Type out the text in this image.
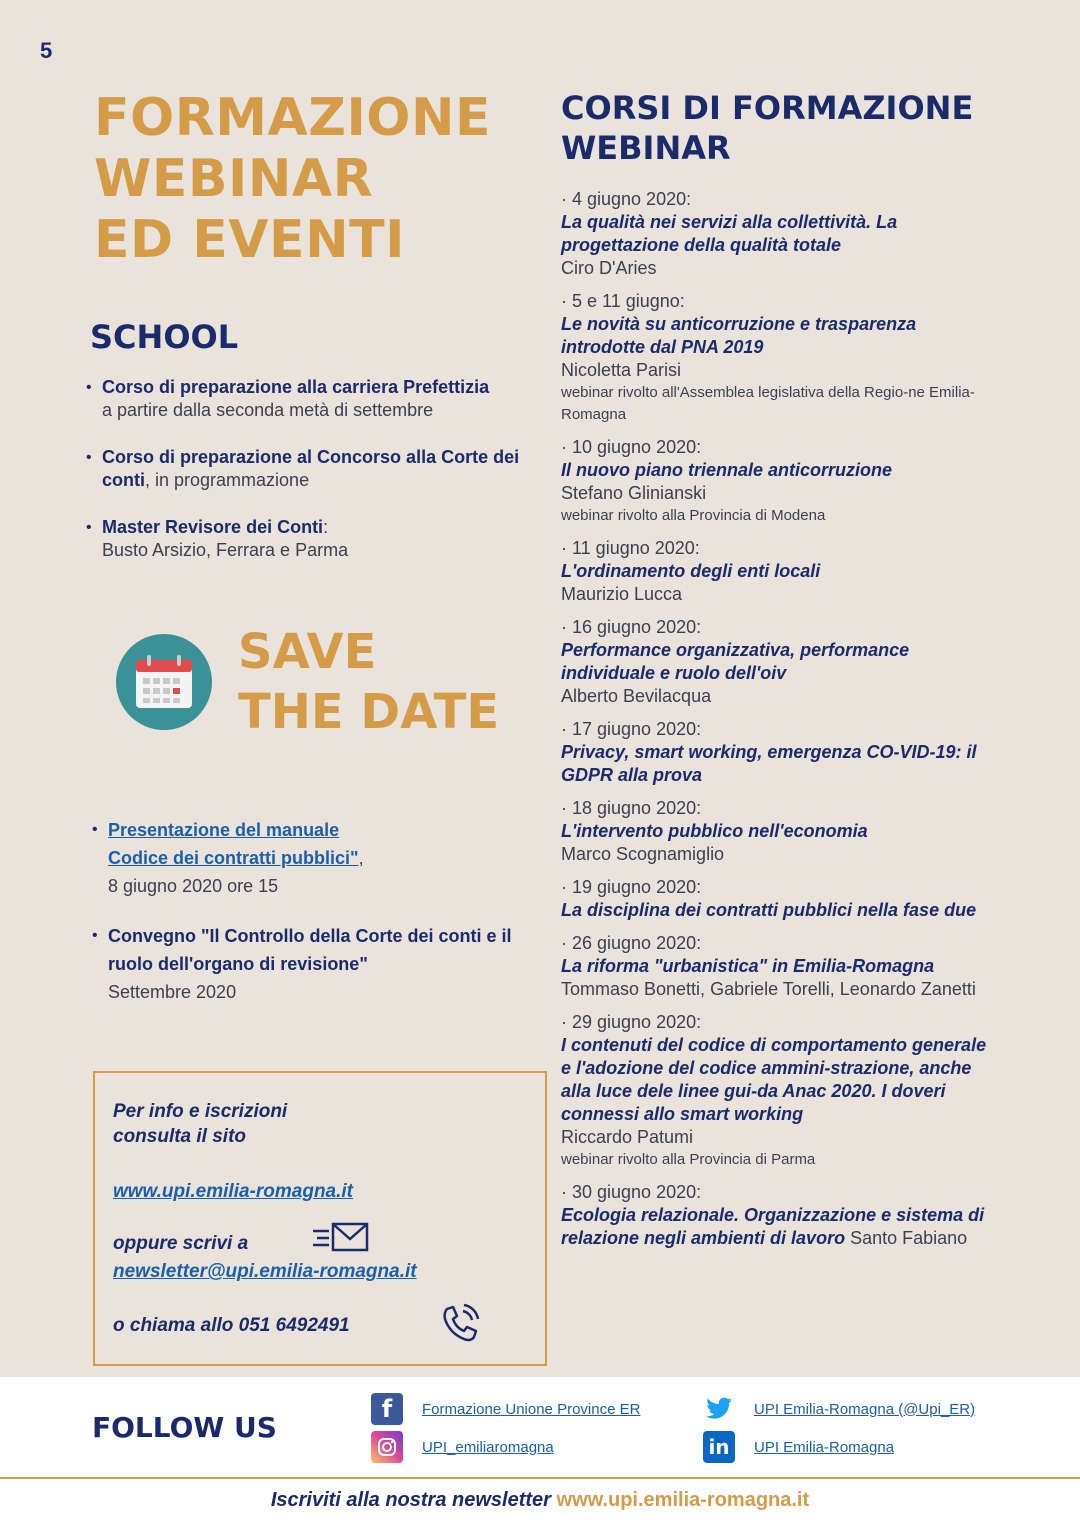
5
FORMAZIONE
WEBINAR
ED EVENTI
SCHOOL
• Corso di preparazione alla carriera Prefettizia
a partire dalla seconda metà di settembre
• Corso di preparazione al Concorso alla Corte dei conti, in programmazione
• Master Revisore dei Conti:
Busto Arsizio, Ferrara e Parma
SAVE
THE DATE
• Presentazione del manuale
Codice dei contratti pubblici",
8 giugno 2020 ore 15
• Convegno "Il Controllo della Corte dei conti e il ruolo dell'organo di revisione"
Settembre 2020
Per info e iscrizioni consulta il sito
www.upi.emilia-romagna.it
oppure scrivi a
newsletter@upi.emilia-romagna.it
o chiama allo 051 6492491
CORSI DI FORMAZIONE WEBINAR
· 4 giugno 2020:
La qualità nei servizi alla collettività. La progettazione della qualità totale
Ciro D'Aries
· 5 e 11 giugno:
Le novità su anticorruzione e trasparenza introdotte dal PNA 2019
Nicoletta Parisi
webinar rivolto all'Assemblea legislativa della Regio-ne Emilia-Romagna
· 10 giugno 2020:
Il nuovo piano triennale anticorruzione
Stefano Glinianski
webinar rivolto alla Provincia di Modena
· 11 giugno 2020:
L'ordinamento degli enti locali
Maurizio Lucca
· 16 giugno 2020:
Performance organizzativa, performance individuale e ruolo dell'oiv
Alberto Bevilacqua
· 17 giugno 2020:
Privacy, smart working, emergenza CO-VID-19: il GDPR alla prova
· 18 giugno 2020:
L'intervento pubblico nell'economia
Marco Scognamiglio
· 19 giugno 2020:
La disciplina dei contratti pubblici nella fase due
· 26 giugno 2020:
La riforma "urbanistica" in Emilia-Romagna
Tommaso Bonetti, Gabriele Torelli, Leonardo Zanetti
· 29 giugno 2020:
I contenuti del codice di comportamento generale e l'adozione del codice ammini-strazione, anche alla luce dele linee gui-da Anac 2020. I doveri connessi allo smart working
Riccardo Patumi
webinar rivolto alla Provincia di Parma
· 30 giugno 2020:
Ecologia relazionale. Organizzazione e sistema di relazione negli ambienti di lavoro Santo Fabiano
FOLLOW US
f	Formazione Unione Province ER
UPI_emiliaromagna
UPI Emilia-Romagna (@Upi_ER)
in	UPI Emilia-Romagna
Iscriviti alla nostra newsletter www.upi.emilia-romagna.it
